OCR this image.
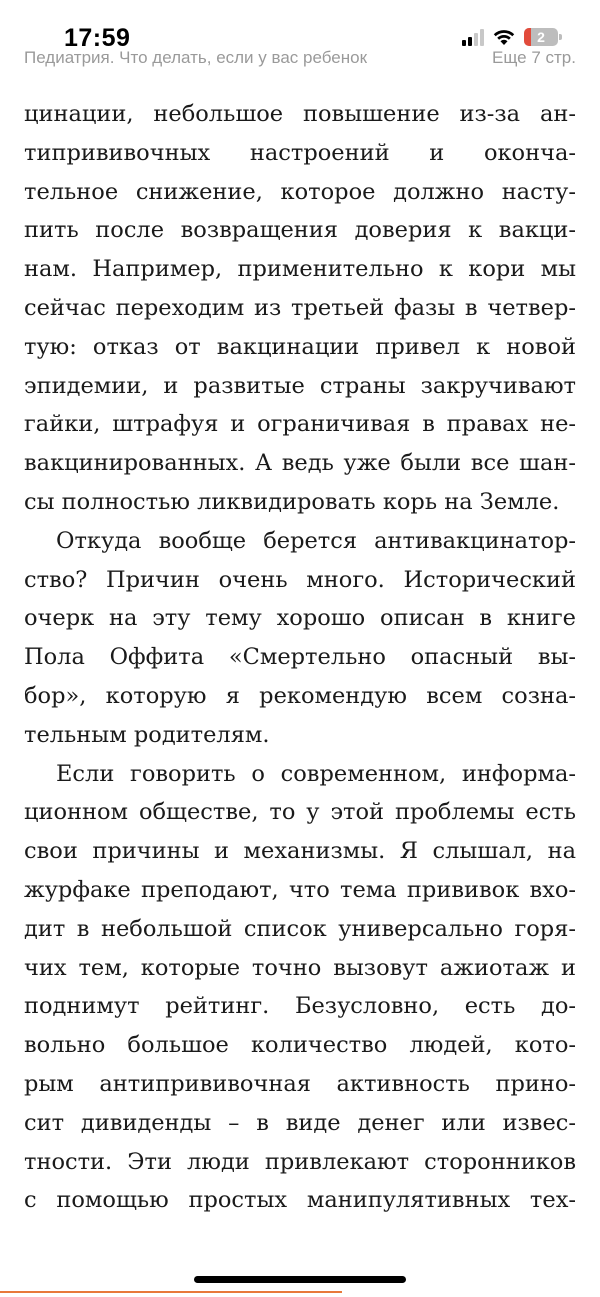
17:59	2
Педиатрия. Что делать, если у вас ребенок	Еще 7 стр.

цинации, небольшое повышение из-за ан-

типрививочных настроений и оконча-

тельное снижение, которое должно насту-

пить после возвращения доверия к вакци-

нам. Например, применительно к кори мы

сейчас переходим из третьей фазы в четвер-

тую: отказ от вакцинации привел к новой

эпидемии, и развитые страны закручивают

гайки, штрафуя и ограничивая в правах не-

вакцинированных. А ведь уже были все шан-

сы полностью ликвидировать корь на Земле.

Откуда вообще берется антивакцинатор-

ство? Причин очень много. Исторический

очерк на эту тему хорошо описан в книге

Пола Оффита «Смертельно опасный вы-

бор», которую я рекомендую всем созна-

тельным родителям.

Если говорить о современном, информа-

ционном обществе, то у этой проблемы есть

свои причины и механизмы. Я слышал, на

журфаке преподают, что тема прививок вхо-

дит в небольшой список универсально горя-

чих тем, которые точно вызовут ажиотаж и

поднимут рейтинг. Безусловно, есть до-

вольно большое количество людей, кото-

рым антипрививочная активность прино-

сит дивиденды – в виде денег или извес-

тности. Эти люди привлекают сторонников

с помощью простых манипулятивных тех-
